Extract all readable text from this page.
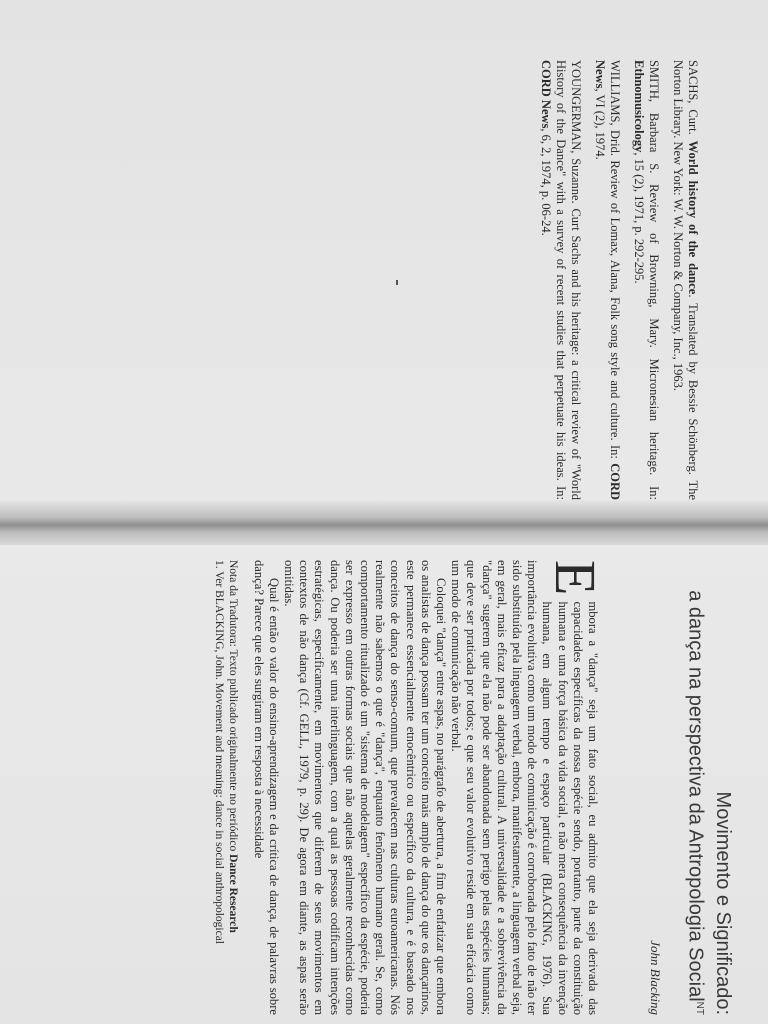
SACHS, Curt. World history of the dance. Translated by Bessie Schönberg. The Norton Library. New York: W. W. Norton & Company, Inc., 1963.

SMITH, Barbara S. Review of Browning, Mary. Micronesian heritage. In: Ethnomusicology, 15 (2), 1971, p. 292-295.

WILLIAMS, Drid. Review of Lomax, Alana, Folk song style and culture. In: CORD News, VI (2), 1974.

YOUNGERMAN, Suzanne. Curt Sachs and his heritage: a critical review of "World History of the Dance" with a survey of recent studies that perpetuate his ideas. In: CORD News, 6, 2, 1974, p. 06-24.

Movimento e Significado:
a dança na perspectiva da Antropologia Social$^{NT}$

John Blacking

E
mbora a "dança" seja um fato social, eu admito que ela seja derivada das capacidades específicas da nossa espécie sendo, portanto, parte da constituição humana e uma força básica da vida social, e não mera consequência da invenção humana, em algum tempo e espaço particular (BLACKING, 1976). Sua importância evolutiva como um modo de comunicação é corroborada pelo fato de não ter sido substituída pela linguagem verbal, embora, manifestamente, a linguagem verbal seja, em geral, mais eficaz para a adaptação cultural. A universalidade e a sobrevivência da "dança" sugerem que ela não pode ser abandonada sem perigo pelas espécies humanas; que deve ser praticada por todos; e que seu valor evolutivo reside em sua eficácia como um modo de comunicação não verbal.

Coloquei "dança" entre aspas, no parágrafo de abertura, a fim de enfatizar que embora os analistas de dança possam ter um conceito mais amplo de dança do que os dançarinos, este permanece essencialmente etnocêntrico ou específico da cultura, e é baseado nos conceitos de dança do senso-comum, que prevalecem nas culturas euroamericanas. Nós realmente não sabemos o que é "dança", enquanto fenômeno humano geral. Se, como comportamento ritualizado é um "sistema de modelagem" específico da espécie, poderia ser expresso em outras formas sociais que não aquelas geralmente reconhecidas como dança. Ou poderia ser uma interlinguagem, com a qual as pessoas codificam intenções estratégicas, especificamente, em movimentos que diferem de seus movimentos em contextos de não dança (Cf. GELL, 1979, p. 29). De agora em diante, as aspas serão omitidas.

Qual é então o valor do ensino-aprendizagem e da crítica de dança, de palavras sobre dança? Parece que eles surgiram em resposta à necessidade

Nota da Tradutora: Texto publicado originalmente no periódico Dance Research
1. Ver BLACKING, John. Movement and meaning: dance in social anthropological
